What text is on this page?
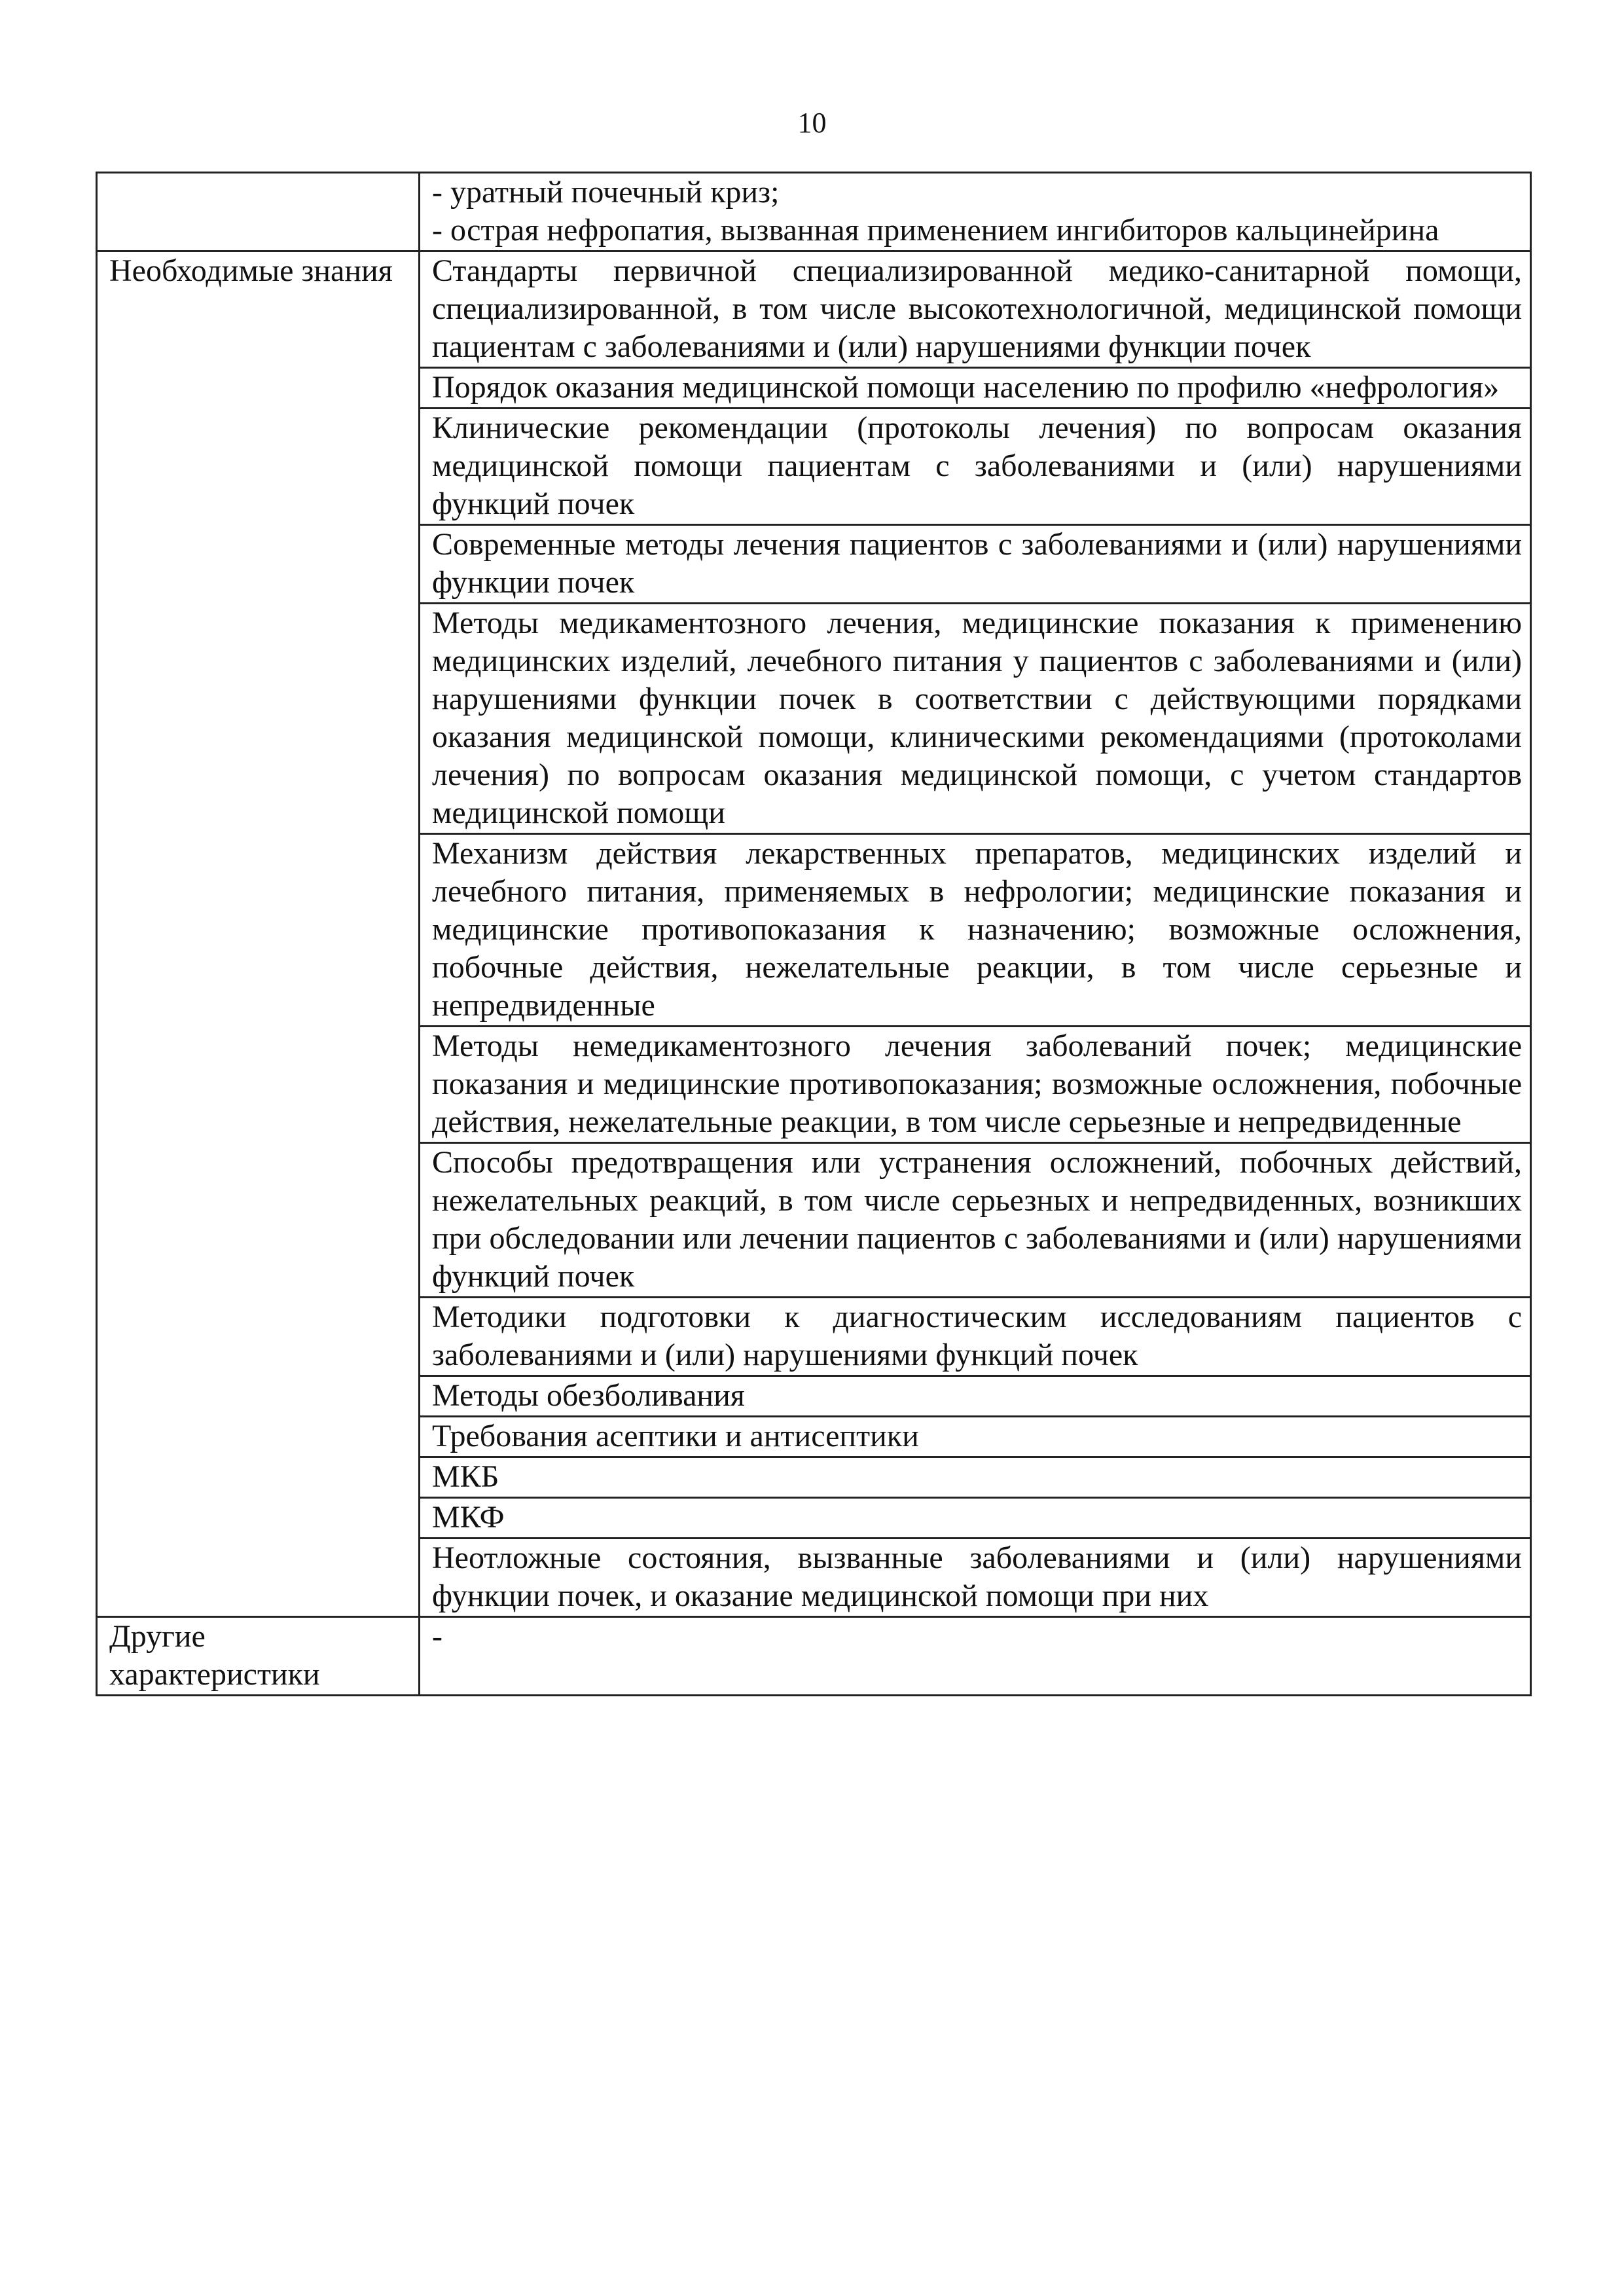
10

	- уратный почечный криз;
- острая нефропатия, вызванная применением ингибиторов кальцинейрина

Необходимые знания	Стандарты первичной специализированной медико-санитарной помощи, специализированной, в том числе высокотехнологичной, медицинской помощи пациентам с заболеваниями и (или) нарушениями функции почек
	Порядок оказания медицинской помощи населению по профилю «нефрология»
	Клинические рекомендации (протоколы лечения) по вопросам оказания медицинской помощи пациентам с заболеваниями и (или) нарушениями функций почек
	Современные методы лечения пациентов с заболеваниями и (или) нарушениями функции почек
	Методы медикаментозного лечения, медицинские показания к применению медицинских изделий, лечебного питания у пациентов с заболеваниями и (или) нарушениями функции почек в соответствии с действующими порядками оказания медицинской помощи, клиническими рекомендациями (протоколами лечения) по вопросам оказания медицинской помощи, с учетом стандартов медицинской помощи
	Механизм действия лекарственных препаратов, медицинских изделий и лечебного питания, применяемых в нефрологии; медицинские показания и медицинские противопоказания к назначению; возможные осложнения, побочные действия, нежелательные реакции, в том числе серьезные и непредвиденные
	Методы немедикаментозного лечения заболеваний почек; медицинские показания и медицинские противопоказания; возможные осложнения, побочные действия, нежелательные реакции, в том числе серьезные и непредвиденные
	Способы предотвращения или устранения осложнений, побочных действий, нежелательных реакций, в том числе серьезных и непредвиденных, возникших при обследовании или лечении пациентов с заболеваниями и (или) нарушениями функций почек
	Методики подготовки к диагностическим исследованиям пациентов с заболеваниями и (или) нарушениями функций почек
	Методы обезболивания
	Требования асептики и антисептики
	МКБ
	МКФ
	Неотложные состояния, вызванные заболеваниями и (или) нарушениями функции почек, и оказание медицинской помощи при них
Другие характеристики	-
